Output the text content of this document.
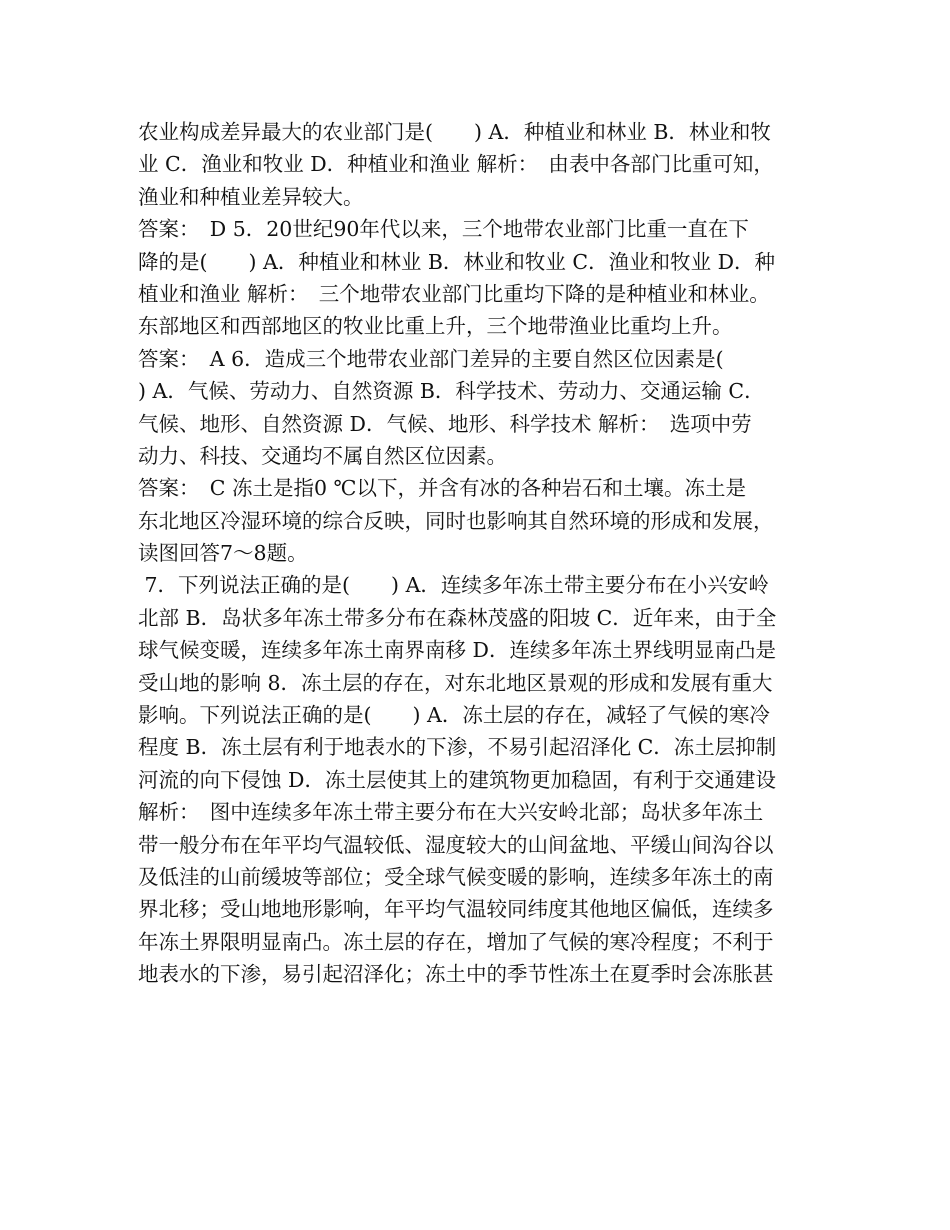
农业构成差异最大的农业部门是(　　) A．种植业和林业 B．林业和牧
业 C．渔业和牧业 D．种植业和渔业 解析：　由表中各部门比重可知，
渔业和种植业差异较大。
答案：　D 5．20世纪90年代以来，三个地带农业部门比重一直在下
降的是(　　) A．种植业和林业 B．林业和牧业 C．渔业和牧业 D．种
植业和渔业 解析：　三个地带农业部门比重均下降的是种植业和林业。
东部地区和西部地区的牧业比重上升，三个地带渔业比重均上升。
答案：　A 6．造成三个地带农业部门差异的主要自然区位因素是(
) A．气候、劳动力、自然资源 B．科学技术、劳动力、交通运输 C．
气候、地形、自然资源 D．气候、地形、科学技术 解析：　选项中劳
动力、科技、交通均不属自然区位因素。
答案：　C 冻土是指0 ℃以下，并含有冰的各种岩石和土壤。冻土是
东北地区冷湿环境的综合反映，同时也影响其自然环境的形成和发展，
读图回答7～8题。
7．下列说法正确的是(　　) A．连续多年冻土带主要分布在小兴安岭
北部 B．岛状多年冻土带多分布在森林茂盛的阳坡 C．近年来，由于全
球气候变暖，连续多年冻土南界南移 D．连续多年冻土界线明显南凸是
受山地的影响 8．冻土层的存在，对东北地区景观的形成和发展有重大
影响。下列说法正确的是(　　) A．冻土层的存在，减轻了气候的寒冷
程度 B．冻土层有利于地表水的下渗，不易引起沼泽化 C．冻土层抑制
河流的向下侵蚀 D．冻土层使其上的建筑物更加稳固，有利于交通建设
解析：　图中连续多年冻土带主要分布在大兴安岭北部；岛状多年冻土
带一般分布在年平均气温较低、湿度较大的山间盆地、平缓山间沟谷以
及低洼的山前缓坡等部位；受全球气候变暖的影响，连续多年冻土的南
界北移；受山地地形影响，年平均气温较同纬度其他地区偏低，连续多
年冻土界限明显南凸。冻土层的存在，增加了气候的寒冷程度；不利于
地表水的下渗，易引起沼泽化；冻土中的季节性冻土在夏季时会冻胀甚
